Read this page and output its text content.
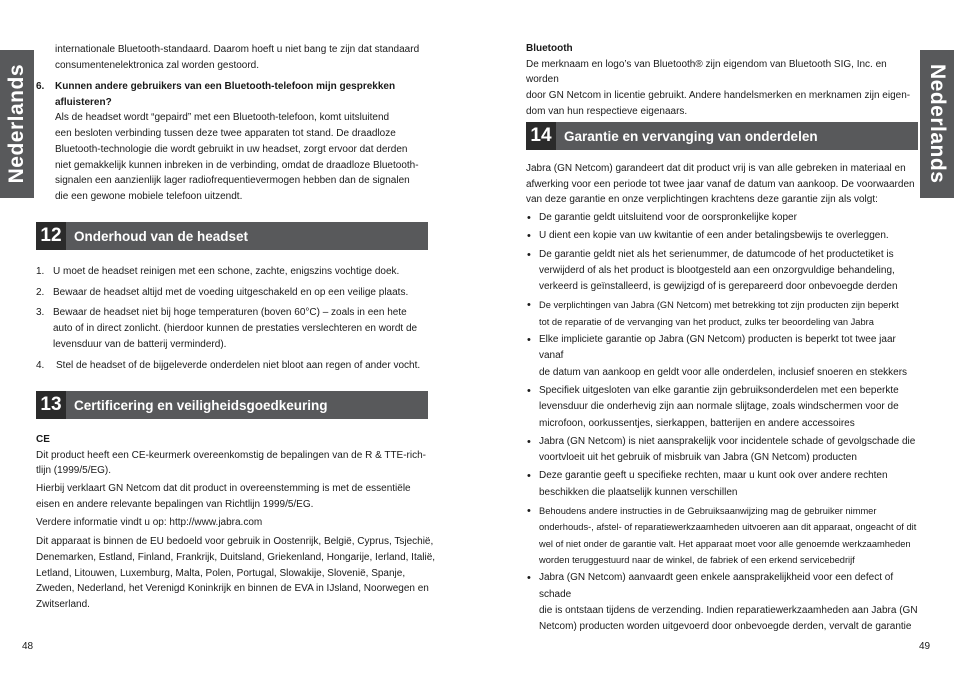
Nederlands	Nederlands

internationale Bluetooth-standaard. Daarom hoeft u niet bang te zijn dat standaard

consumentenelektronica zal worden gestoord.

6. Kunnen andere gebruikers van een Bluetooth-telefoon mijn gesprekken

afluisteren?

Als de headset wordt “gepaird” met een Bluetooth-telefoon, komt uitsluitend

een besloten verbinding tussen deze twee apparaten tot stand. De draadloze

Bluetooth-technologie die wordt gebruikt in uw headset, zorgt ervoor dat derden

niet gemakkelijk kunnen inbreken in de verbinding, omdat de draadloze Bluetooth-

signalen een aanzienlijk lager radiofrequentievermogen hebben dan de signalen

die een gewone mobiele telefoon uitzendt.

12 Onderhoud van de headset
1. U moet de headset reinigen met een schone, zachte, enigszins vochtige doek.
2. Bewaar de headset altijd met de voeding uitgeschakeld en op een veilige plaats.
3. Bewaar de headset niet bij hoge temperaturen (boven 60°C) – zoals in een hete
auto of in direct zonlicht. (hierdoor kunnen de prestaties verslechteren en wordt de
levensduur van de batterij verminderd).
4. Stel de headset of de bijgeleverde onderdelen niet bloot aan regen of ander vocht.
13 Certificering en veiligheidsgoedkeuring

CE

Dit product heeft een CE-keurmerk overeenkomstig de bepalingen van de R & TTE-rich-

tlijn (1999/5/EG).

Hierbij verklaart GN Netcom dat dit product in overeenstemming is met de essentiële

eisen en andere relevante bepalingen van Richtlijn 1999/5/EG.

Verdere informatie vindt u op: http://www.jabra.com

Dit apparaat is binnen de EU bedoeld voor gebruik in Oostenrijk, België, Cyprus, Tsjechië,

Denemarken, Estland, Finland, Frankrijk, Duitsland, Griekenland, Hongarije, Ierland, Italië,

Letland, Litouwen, Luxemburg, Malta, Polen, Portugal, Slowakije, Slovenië, Spanje,

Zweden, Nederland, het Verenigd Koninkrijk en binnen de EVA in IJsland, Noorwegen en

Zwitserland.

48

Bluetooth

De merknaam en logo’s van Bluetooth® zijn eigendom van Bluetooth SIG, Inc. en worden

door GN Netcom in licentie gebruikt. Andere handelsmerken en merknamen zijn eigen-

dom van hun respectieve eigenaars.

14 Garantie en vervanging van onderdelen

Jabra (GN Netcom) garandeert dat dit product vrij is van alle gebreken in materiaal en

afwerking voor een periode tot twee jaar vanaf de datum van aankoop. De voorwaarden

van deze garantie en onze verplichtingen krachtens deze garantie zijn als volgt:

• De garantie geldt uitsluitend voor de oorspronkelijke koper
• U dient een kopie van uw kwitantie of een ander betalingsbewijs te overleggen.
• De garantie geldt niet als het serienummer, de datumcode of het productetiket is
verwijderd of als het product is blootgesteld aan een onzorgvuldige behandeling,
verkeerd is geïnstalleerd, is gewijzigd of is gerepareerd door onbevoegde derden
• De verplichtingen van Jabra (GN Netcom) met betrekking tot zijn producten zijn beperkt
tot de reparatie of de vervanging van het product, zulks ter beoordeling van Jabra
• Elke impliciete garantie op Jabra (GN Netcom) producten is beperkt tot twee jaar vanaf
de datum van aankoop en geldt voor alle onderdelen, inclusief snoeren en stekkers
• Specifiek uitgesloten van elke garantie zijn gebruiksonderdelen met een beperkte
levensduur die onderhevig zijn aan normale slijtage, zoals windschermen voor de
microfoon, oorkussentjes, sierkappen, batterijen en andere accessoires
• Jabra (GN Netcom) is niet aansprakelijk voor incidentele schade of gevolgschade die
voortvloeit uit het gebruik of misbruik van Jabra (GN Netcom) producten
• Deze garantie geeft u specifieke rechten, maar u kunt ook over andere rechten
beschikken die plaatselijk kunnen verschillen
• Behoudens andere instructies in de Gebruiksaanwijzing mag de gebruiker nimmer
onderhouds-, afstel- of reparatiewerkzaamheden uitvoeren aan dit apparaat, ongeacht of dit
wel of niet onder de garantie valt. Het apparaat moet voor alle genoemde werkzaamheden
worden teruggestuurd naar de winkel, de fabriek of een erkend servicebedrijf
• Jabra (GN Netcom) aanvaardt geen enkele aansprakelijkheid voor een defect of schade
die is ontstaan tijdens de verzending. Indien reparatiewerkzaamheden aan Jabra (GN
Netcom) producten worden uitgevoerd door onbevoegde derden, vervalt de garantie
49
